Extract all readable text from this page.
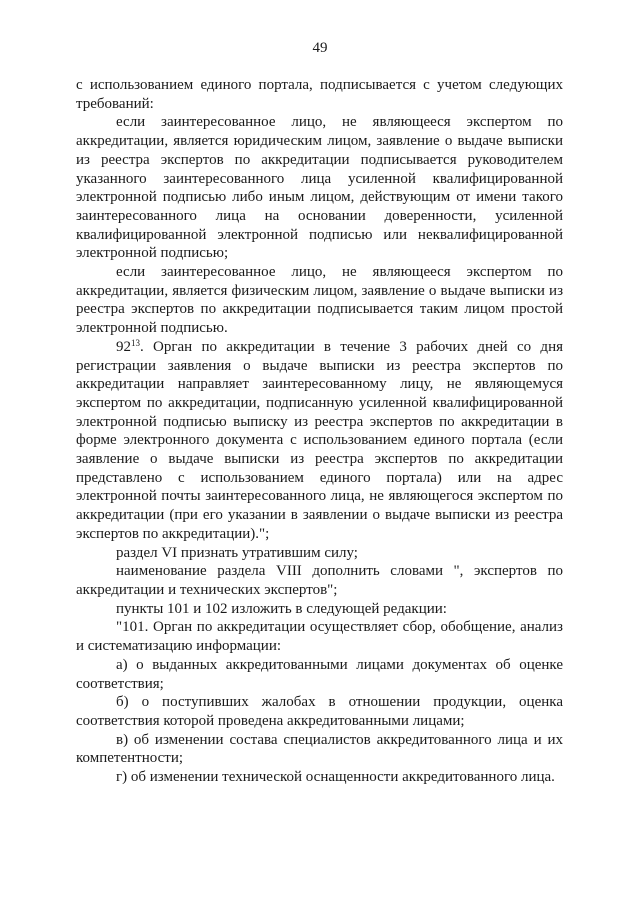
49

с использованием единого портала, подписывается с учетом следующих требований:

если заинтересованное лицо, не являющееся экспертом по аккредитации, является юридическим лицом, заявление о выдаче выписки из реестра экспертов по аккредитации подписывается руководителем указанного заинтересованного лица усиленной квалифицированной электронной подписью либо иным лицом, действующим от имени такого заинтересованного лица на основании доверенности, усиленной квалифицированной электронной подписью или неквалифицированной электронной подписью;

если заинтересованное лицо, не являющееся экспертом по аккредитации, является физическим лицом, заявление о выдаче выписки из реестра экспертов по аккредитации подписывается таким лицом простой электронной подписью.

$92^{13}$. Орган по аккредитации в течение 3 рабочих дней со дня регистрации заявления о выдаче выписки из реестра экспертов по аккредитации направляет заинтересованному лицу, не являющемуся экспертом по аккредитации, подписанную усиленной квалифицированной электронной подписью выписку из реестра экспертов по аккредитации в форме электронного документа с использованием единого портала (если заявление о выдаче выписки из реестра экспертов по аккредитации представлено с использованием единого портала) или на адрес электронной почты заинтересованного лица, не являющегося экспертом по аккредитации (при его указании в заявлении о выдаче выписки из реестра экспертов по аккредитации).";

раздел VI признать утратившим силу;

наименование раздела VIII дополнить словами ", экспертов по аккредитации и технических экспертов";

пункты 101 и 102 изложить в следующей редакции:

"101. Орган по аккредитации осуществляет сбор, обобщение, анализ и систематизацию информации:

а) о выданных аккредитованными лицами документах об оценке соответствия;

б) о поступивших жалобах в отношении продукции, оценка соответствия которой проведена аккредитованными лицами;

в) об изменении состава специалистов аккредитованного лица и их компетентности;

г) об изменении технической оснащенности аккредитованного лица.
